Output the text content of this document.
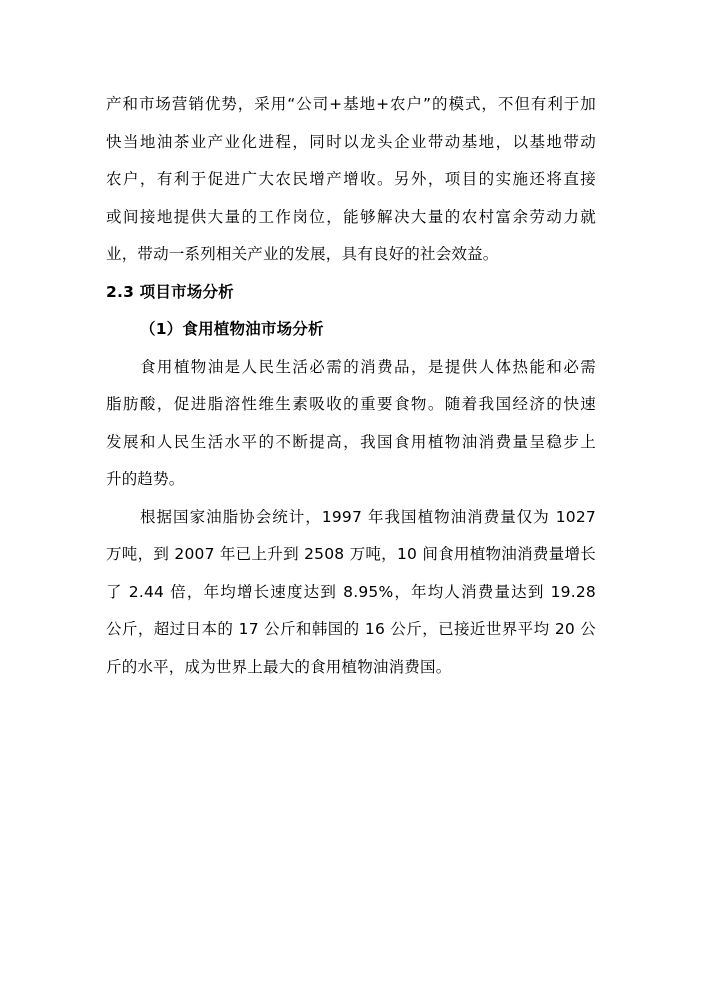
产和市场营销优势，采用“公司+基地+农户”的模式，不但有利于加
快当地油茶业产业化进程，同时以龙头企业带动基地，以基地带动
农户，有利于促进广大农民增产增收。另外，项目的实施还将直接
或间接地提供大量的工作岗位，能够解决大量的农村富余劳动力就
业，带动一系列相关产业的发展，具有良好的社会效益。
2.3 项目市场分析
（1）食用植物油市场分析
食用植物油是人民生活必需的消费品，是提供人体热能和必需
脂肪酸，促进脂溶性维生素吸收的重要食物。随着我国经济的快速
发展和人民生活水平的不断提高，我国食用植物油消费量呈稳步上
升的趋势。
根据国家油脂协会统计，1997 年我国植物油消费量仅为 1027
万吨，到 2007 年已上升到 2508 万吨，10 间食用植物油消费量增长
了 2.44 倍，年均增长速度达到 8.95%，年均人消费量达到 19.28
公斤，超过日本的 17 公斤和韩国的 16 公斤，已接近世界平均 20 公
斤的水平，成为世界上最大的食用植物油消费国。
